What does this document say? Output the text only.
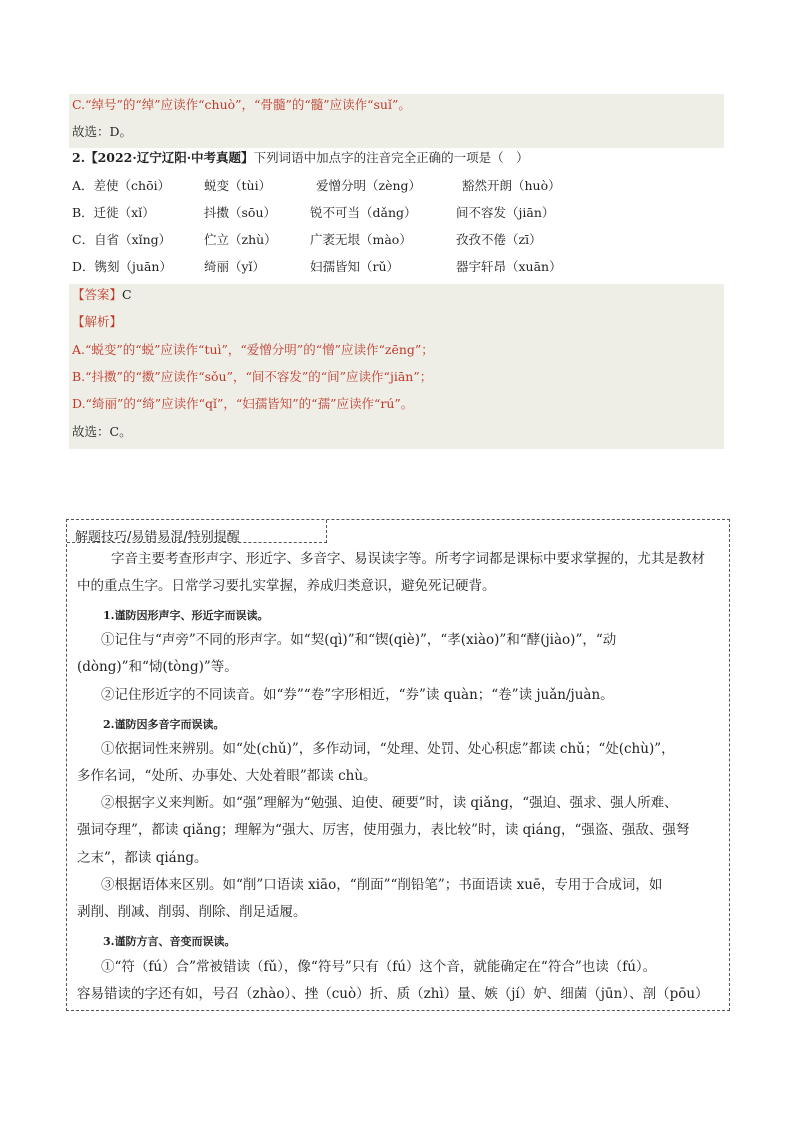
C.“绰号”的“绰”应读作“chuò”，“骨髓”的“髓”应读作“suǐ”。
故选：D。
2.【2022·辽宁辽阳·中考真题】下列词语中加点字的注音完全正确的一项是（　）
A．差使（chōi）	蜕变（tùi）	爱憎分明（zèng）	豁然开朗（huò）
B．迁徙（xǐ）	抖擞（sōu）	锐不可当（dǎng）	间不容发（jiān）
C．自省（xǐng）	伫立（zhù）	广袤无垠（mào）	孜孜不倦（zī）
D．镌刻（juān）	绮丽（yǐ）	妇孺皆知（rǔ）	器宇轩昂（xuān）
【答案】C
【解析】
A.“蜕变”的“蜕”应读作“tuì”，“爱憎分明”的“憎”应读作“zēng”；
B.“抖擞”的“擞”应读作“sǒu”，“间不容发”的“间”应读作“jiān”；
D.“绮丽”的“绮”应读作“qǐ”，“妇孺皆知”的“孺”应读作“rú”。
故选：C。
解题技巧/易错易混/特别提醒
字音主要考查形声字、形近字、多音字、易误读字等。所考字词都是课标中要求掌握的，尤其是教材
中的重点生字。日常学习要扎实掌握，养成归类意识，避免死记硬背。
1.谨防因形声字、形近字而误读。
①记住与“声旁”不同的形声字。如“契(qì)”和“锲(qiè)”，“孝(xiào)”和“酵(jiào)”，“动
(dòng)”和“恸(tòng)”等。
②记住形近字的不同读音。如“券”“卷”字形相近，“券”读 quàn；“卷”读 juǎn/juàn。
2.谨防因多音字而误读。
①依据词性来辨别。如“处(chǔ)”，多作动词，“处理、处罚、处心积虑”都读 chǔ；“处(chù)”，
多作名词，“处所、办事处、大处着眼”都读 chù。
②根据字义来判断。如“强”理解为“勉强、迫使、硬要”时，读 qiǎng，“强迫、强求、强人所难、
强词夺理”，都读 qiǎng；理解为“强大、厉害，使用强力，表比较”时，读 qiáng，“强盗、强敌、强弩
之末”，都读 qiáng。
③根据语体来区别。如“削”口语读 xiāo，“削面”“削铅笔”；书面语读 xuē，专用于合成词，如
剥削、削减、削弱、削除、削足适履。
3.谨防方言、音变而误读。
①“符（fú）合”常被错读（fǔ），像“符号”只有（fú）这个音，就能确定在“符合”也读（fú）。
容易错读的字还有如，号召（zhào）、挫（cuò）折、质（zhì）量、嫉（jí）妒、细菌（jūn）、剖（pōu）
